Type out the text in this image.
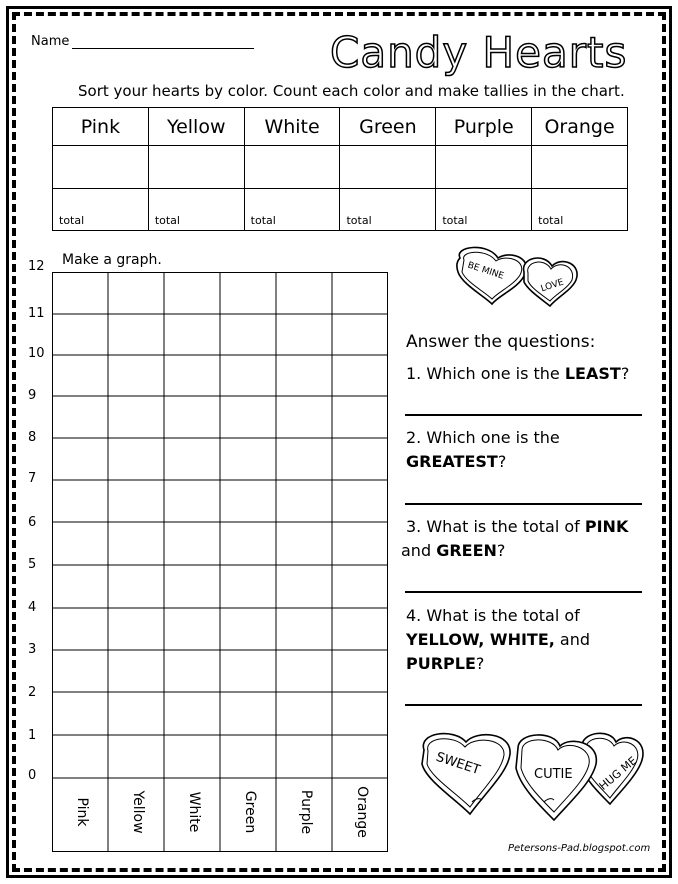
Name	Candy Hearts
Sort your hearts by color. Count each color and make tallies in the chart.
Pink	Yellow	White	Green	Purple	Orange

total	total	total	total	total	total
Make a graph.
12
11
10
9
8
7
6
5
4
3
2
1
0
Pink	Yellow	White	Green	Purple	Orange
BE MINE
LOVE
Answer the questions:
1. Which one is the LEAST?
2. Which one is the
GREATEST?
3. What is the total of PINK
and GREEN?
4. What is the total of
YELLOW, WHITE, and
PURPLE?
HUG ME
CUTIE
SWEET
Petersons-Pad.blogspot.com
